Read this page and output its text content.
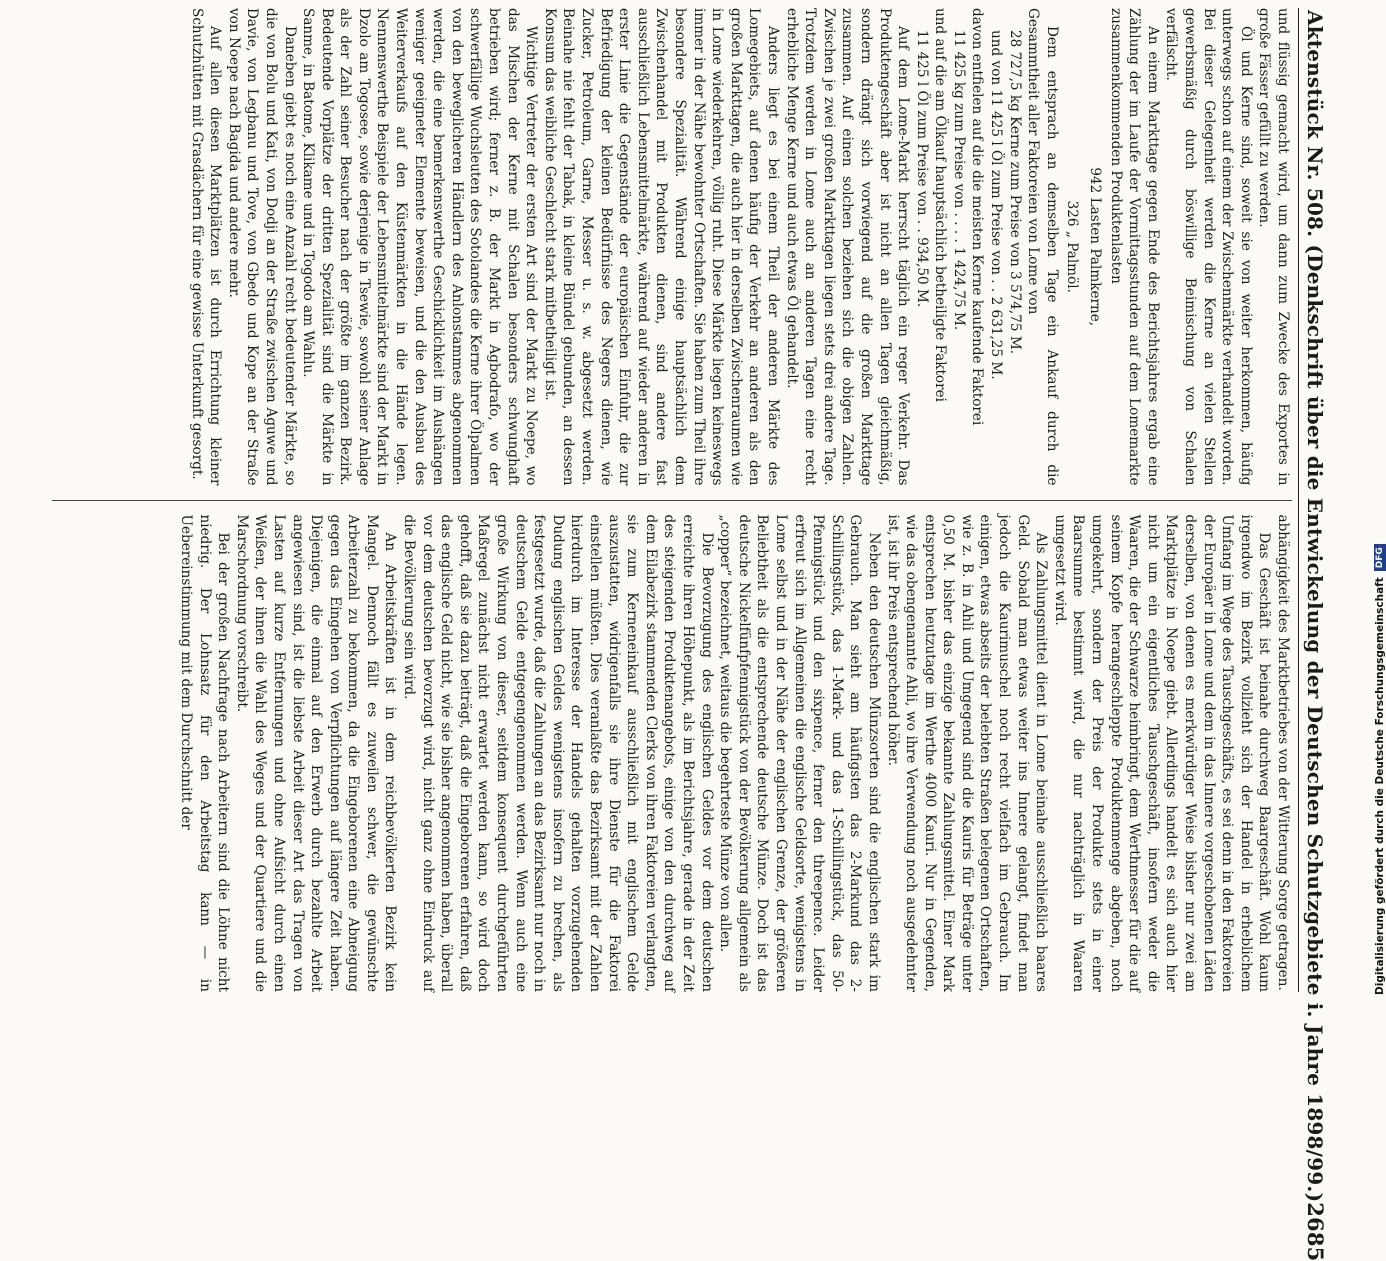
Aktenstück Nr. 508. (Denkschrift über die Entwickelung der Deutschen Schutzgebiete i. Jahre 1898/99.)
2685

und flüssig gemacht wird, um dann zum Zwecke des Exportes in große Fässer gefüllt zu werden.

Öl und Kerne sind, soweit sie von weiter herkommen, häufig unterwegs schon auf einem der Zwischenmärkte verhandelt worden. Bei dieser Gelegenheit werden die Kerne an vielen Stellen gewerbsmäßig durch böswillige Beimischung von Schalen verfälscht.

An einem Markttage gegen Ende des Berichtsjahres ergab eine Zählung der im Laufe der Vormittagsstunden auf dem Lomemarkte zusammenkommenden Produktenlasten

942 Lasten Palmkerne,

326 „ Palmöl.

Dem entsprach an demselben Tage ein Ankauf durch die Gesammtheit aller Faktoreien von Lome von

28 727,5 kg Kerne zum Preise von 3 574,75 M.

und von 11 425 l Öl zum Preise von . . 2 631,25 M.

davon entfielen auf die die meisten Kerne kaufende Faktorei

11 425 kg zum Preise von . . . . 1 424,75 M.

und auf die am Ölkauf hauptsächlich betheiligte Faktorei

11 425 l Öl zum Preise von . . 934,50 M.

Auf dem Lome-Markt herrscht täglich ein reger Verkehr. Das Produktengeschäft aber ist nicht an allen Tagen gleichmäßig, sondern drängt sich vorwiegend auf die großen Markttage zusammen. Auf einen solchen beziehen sich die obigen Zahlen. Zwischen je zwei großen Markttagen liegen stets drei andere Tage. Trotzdem werden in Lome auch an anderen Tagen eine recht erhebliche Menge Kerne und auch etwas Öl gehandelt.

Anders liegt es bei einem Theil der anderen Märkte des Lomegebiets, auf denen häufig der Verkehr an anderen als den großen Markttagen, die auch hier in derselben Zwischenraumen wie in Lome wiederkehren, völlig ruht. Diese Märkte liegen keineswegs immer in der Nähe bewohnter Ortschaften. Sie haben zum Theil ihre besondere Spezialität. Während einige hauptsächlich dem Zwischenhandel mit Produkten dienen, sind andere fast ausschließlich Lebensmittelmärkte, während auf wieder anderen in erster Linie die Gegenstände der europäischen Einfuhr, die zur Befriedigung der kleinen Bedürfnisse des Negers dienen, wie Zucker, Petroleum, Garne, Messer u. s. w. abgesetzt werden. Beinahe nie fehlt der Tabak, in kleine Bündel gebunden, an dessen Konsum das weibliche Geschlecht stark mitbetheiligt ist.

Wichtige Vertreter der ersten Art sind der Markt zu Noepe, wo das Mischen der Kerne mit Schalen besonders schwunghaft betrieben wird; ferner z. B. der Markt in Agbodrafo, wo der schwerfällige Wuchsleuten des Sotolandes die Kerne ihrer Ölpalmen von den beweglicheren Händlern des Anlonstammes abgenommen werden, die eine bemerkenswerthe Geschicklichkeit im Aushängen weniger geeigneter Elemente beweisen, und die den Ausbau des Weiterverkaufs auf den Küstenmärkten in die Hände legen. Nennenswerthe Beispiele der Lebensmittelmärkte sind der Markt in Dzolo am Togosee, sowie derjenige in Tsewie, sowohl seiner Anlage als der Zahl seiner Besucher nach der größte im ganzen Bezirk. Bedeutende Vorplätze der dritten Spezialität sind die Märkte in Sanme, in Batome, Klikame und in Togodo am Wahlu.

Daneben giebt es noch eine Anzahl recht bedeutender Märkte, so die von Bolu und Kati, von Dodji an der Straße zwischen Aguwe und Davie, von Legbanu und Tove, von Gbedo und Kope an der Straße von Noepe nach Bagida und andere mehr.

Auf allen diesen Marktplätzen ist durch Errichtung kleiner Schutzhütten mit Grasdächern für eine gewisse Unterkunft gesorgt.

abhängigkeit des Marktbetriebes von der Witterung Sorge getragen.

Das Geschäft ist beinahe durchweg Baargeschäft. Wohl kaum irgendwo im Bezirk vollzieht sich der Handel in erheblichem Umfang im Wege des Tauschgeschäfts, es sei denn in den Faktoreien der Europäer in Lome und dem in das Innere vorgeschobenen Läden derselben, von denen es merkwürdiger Weise bisher nur zwei am Marktplätze in Noepe giebt. Allerdings handelt es sich auch hier nicht um ein eigentliches Tauschgeschäft, insofern weder die Waaren, die der Schwarze heimbringt, dem Werthmesser für die auf seinem Kopfe herangeschleppte Produktenmenge abgeben, noch umgekehrt, sondern der Preis der Produkte stets in einer Baarsumme bestimmt wird, die nur nachträglich in Waaren umgesetzt wird.

Als Zahlungsmittel dient in Lome beinahe ausschließlich baares Geld. Sobald man etwas weiter ins Innere gelangt, findet man jedoch die Kaurimuschel noch recht vielfach im Gebrauch. Im einigen, etwas abseits der belebten Straßen belegenen Ortschaften, wie z. B. in Ahli und Umgegend sind die Kauris für Beträge unter 0,50 M. bisher das einzige bekannte Zahlungsmittel. Einer Mark entsprechen heutzutage im Werthe 4000 Kauri. Nur in Gegenden, wie das obengenannte Ahli, wo ihre Verwendung noch ausgedehnter ist, ist ihr Preis entsprechend höher.

Neben den deutschen Münzsorten sind die englischen stark im Gebrauch. Man sieht am häufigsten das 2-Markund das 2-Schillingstück, das 1-Mark- und das 1-Schillingstück, das 50-Pfennigstück und den sixpence, ferner den threepence. Leider erfreut sich im Allgemeinen die englische Geldsorte, wenigstens in Lome selbst und in der Nähe der englischen Grenze, der größeren Beliebtheit als die entsprechende deutsche Münze. Doch ist das deutsche Nickelfünfpfennigstück von der Bevölkerung allgemein als „copper“ bezeichnet, weitaus die begehrteste Münze von allen.

Die Bevorzugung des englischen Geldes vor dem deutschen erreichte ihren Höhepunkt, als im Berichtsjahre, gerade in der Zeit des steigenden Produktenangebots, einige von den durchweg auf dem Eilabezirk stammenden Clerks von ihren Faktoreien verlangten, sie zum Kerneneinkauf ausschließlich mit englischem Gelde auszustatten, widrigenfalls sie ihre Dienste für die Faktorei einstellen müßten. Dies veranlaßte das Bezirksamt mit der Zahlen hierdurch im Interesse der Handels gehalten vorzugehenden Dudung englischen Geldes wenigstens insofern zu brechen, als festgesetzt wurde, daß die Zahlungen an das Bezirksamt nur noch in deutschem Gelde entgegengenommen werden. Wenn auch eine große Wirkung von dieser, seitdem konsequent durchgeführten Maßregel zunächst nicht erwartet werden kann, so wird doch gehofft, daß sie dazu beiträgt, daß die Eingeborenen erfahren, daß das englische Geld nicht, wie sie bisher angenommen haben, überall vor dem deutschen bevorzugt wird, nicht ganz ohne Eindruck auf die Bevölkerung sein wird.

An Arbeitskräften ist in dem reichbevölkerten Bezirk kein Mangel. Dennoch fällt es zuweilen schwer, die gewünschte Arbeiterzahl zu bekommen, da die Eingeborenen eine Abneigung gegen das Eingehen von Verpflichtungen auf längere Zeit haben. Diejenigen, die einmal auf den Erwerb durch bezahlte Arbeit angewiesen sind, ist die liebste Arbeit dieser Art das Tragen von Lasten auf kurze Entfernungen und ohne Aufsicht durch einen Weißen, der ihnen die Wahl des Weges und der Quartiere und die Marschordnung vorschreibt.

Bei der großen Nachfrage nach Arbeitern sind die Löhne nicht niedrig. Der Lohnsatz für den Arbeitstag kann — in Uebereinstimmung mit dem Durchschnitt der	Digitalisierung gefördert durch die Deutsche Forschungsgemeinschaft
DFG
